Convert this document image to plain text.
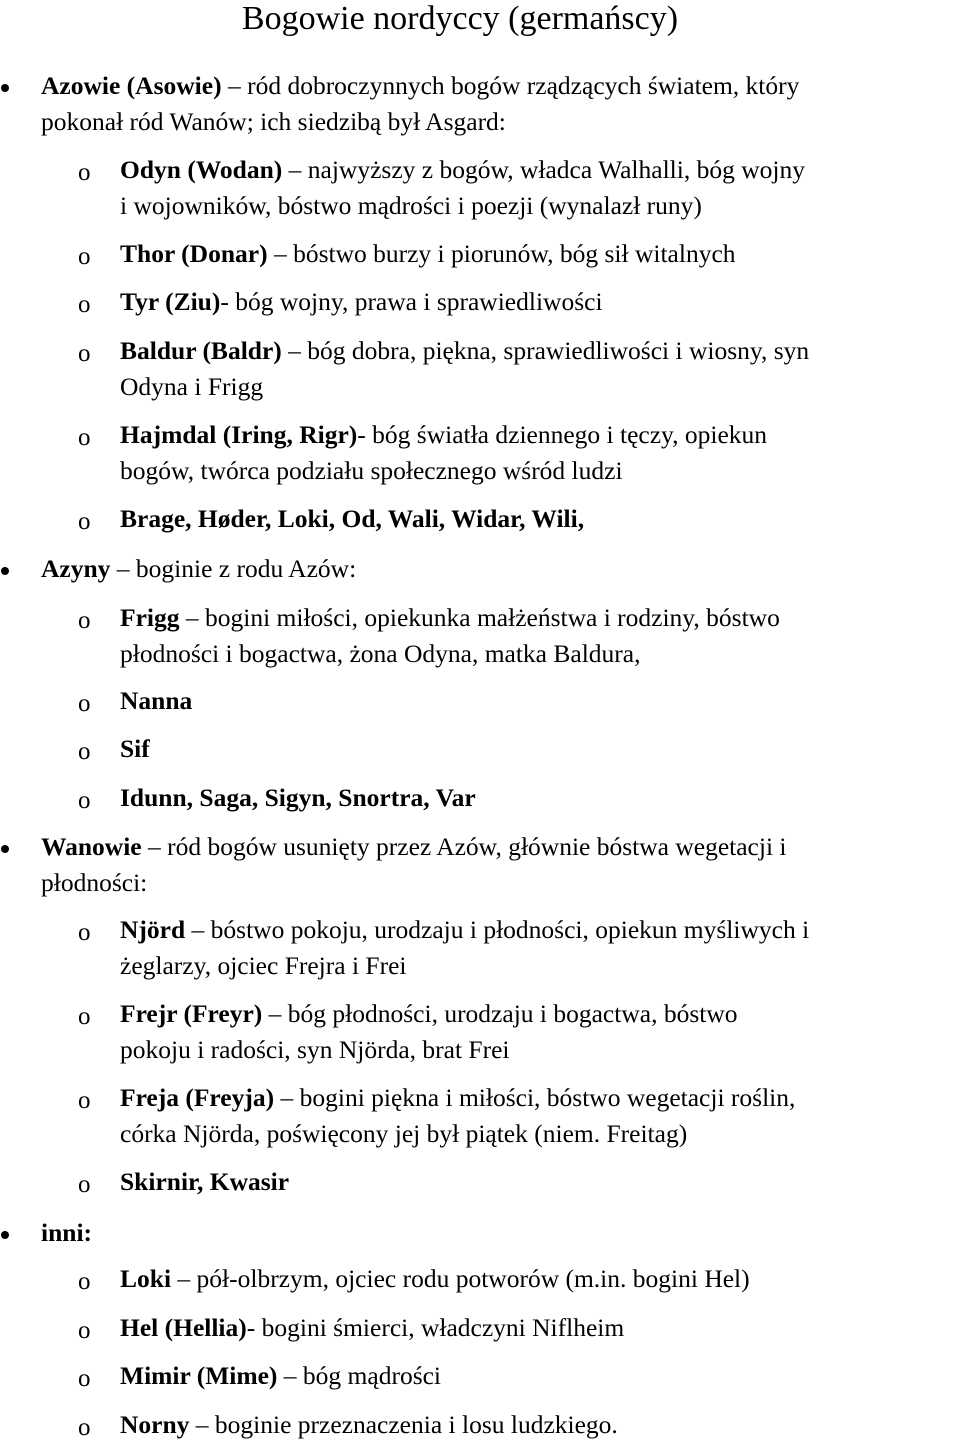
Bogowie nordyccy (germańscy)
Azowie (Asowie) – ród dobroczynnych bogów rządzących światem, który
pokonał ród Wanów; ich siedzibą był Asgard:
o Odyn (Wodan) – najwyższy z bogów, władca Walhalli, bóg wojny
i wojowników, bóstwo mądrości i poezji (wynalazł runy)
o Thor (Donar) – bóstwo burzy i piorunów, bóg sił witalnych
o Tyr (Ziu)- bóg wojny, prawa i sprawiedliwości
o Baldur (Baldr) – bóg dobra, piękna, sprawiedliwości i wiosny, syn
Odyna i Frigg
o Hajmdal (Iring, Rigr)- bóg światła dziennego i tęczy, opiekun
bogów, twórca podziału społecznego wśród ludzi
o Brage, Høder, Loki, Od, Wali, Widar, Wili,
Azyny – boginie z rodu Azów:
o Frigg – bogini miłości, opiekunka małżeństwa i rodziny, bóstwo
płodności i bogactwa, żona Odyna, matka Baldura,
o Nanna
o Sif
o Idunn, Saga, Sigyn, Snortra, Var
Wanowie – ród bogów usunięty przez Azów, głównie bóstwa wegetacji i
płodności:
o Njörd – bóstwo pokoju, urodzaju i płodności, opiekun myśliwych i
żeglarzy, ojciec Frejra i Frei
o Frejr (Freyr) – bóg płodności, urodzaju i bogactwa, bóstwo
pokoju i radości, syn Njörda, brat Frei
o Freja (Freyja) – bogini piękna i miłości, bóstwo wegetacji roślin,
córka Njörda, poświęcony jej był piątek (niem. Freitag)
o Skirnir, Kwasir
inni:
o Loki – pół-olbrzym, ojciec rodu potworów (m.in. bogini Hel)
o Hel (Hellia)- bogini śmierci, władczyni Niflheim
o Mimir (Mime) – bóg mądrości
o Norny – boginie przeznaczenia i losu ludzkiego.
